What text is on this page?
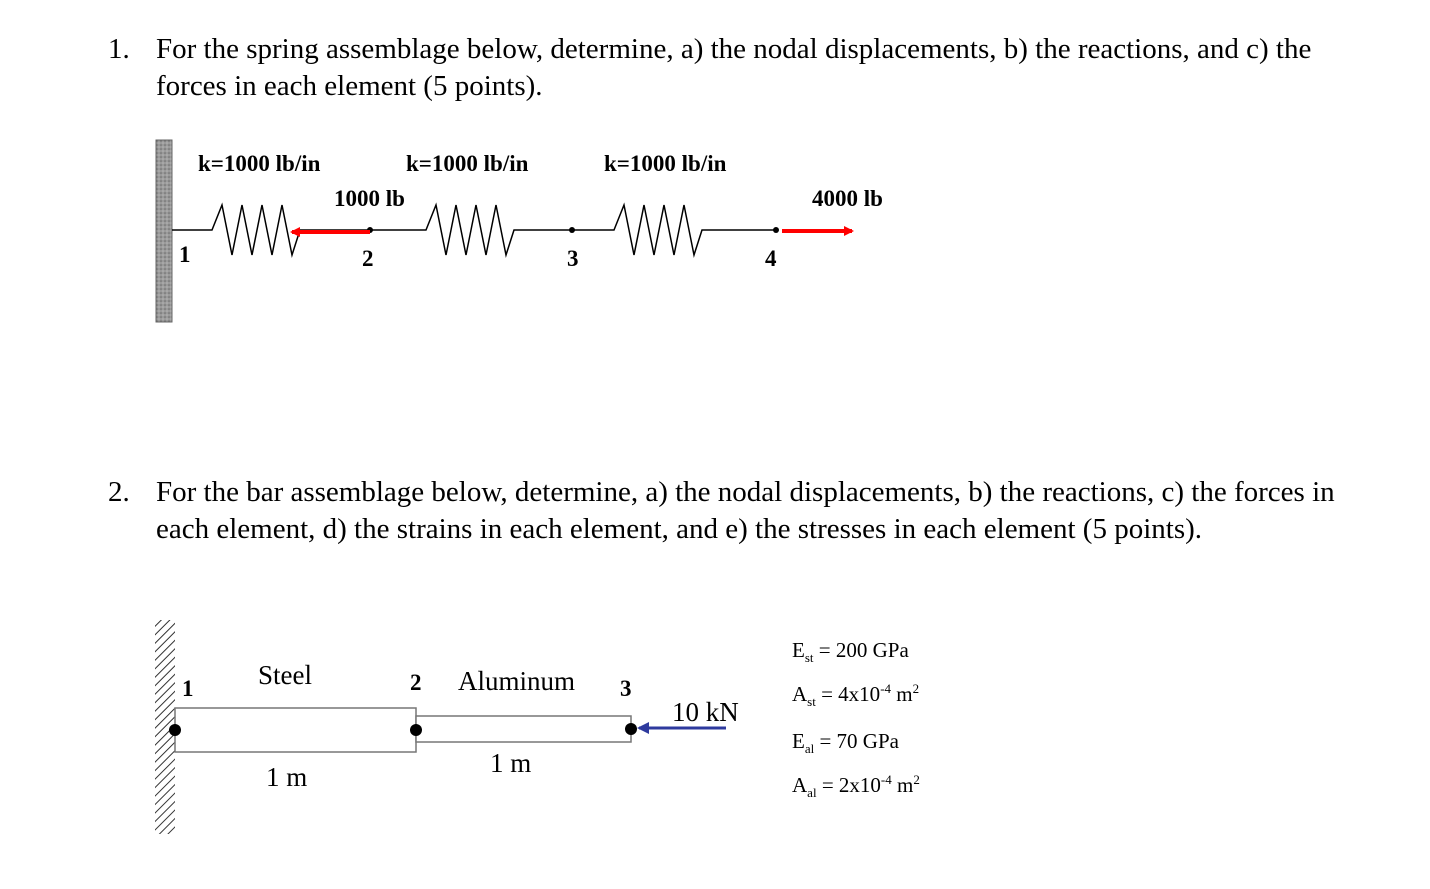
1. For the spring assemblage below, determine, a) the nodal displacements, b) the reactions, and c) the forces in each element (5 points).
k=1000 lb/in	k=1000 lb/in	k=1000 lb/in
1000 lb	4000 lb
1	2	3	4
1	2	3
Steel	Aluminum
1 m	1 m
10 kN
$E_{st} = 200$ GPa
$A_{st} = 4x10^{-4}$ $m^2$
$E_{al} = 70$ GPa
$A_{al} = 2x10^{-4}$ $m^2$
2. For the bar assemblage below, determine, a) the nodal displacements, b) the reactions, c) the forces in each element, d) the strains in each element, and e) the stresses in each element (5 points).
